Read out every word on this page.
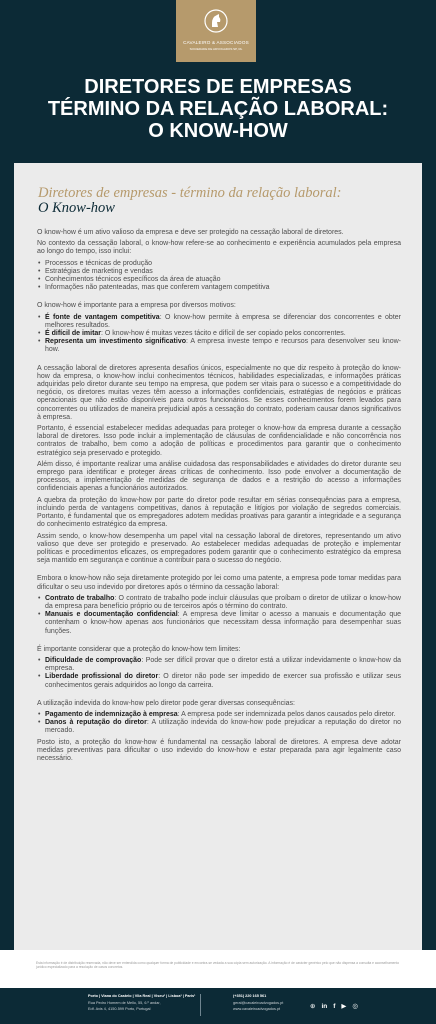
CAVALEIRO & ASSOCIADOS
SOCIEDADE DE ADVOGADOS SP, RL
DIRETORES DE EMPRESAS
TÉRMINO DA RELAÇÃO LABORAL:
O KNOW-HOW
Diretores de empresas - término da relação laboral:
O Know-how

O know-how é um ativo valioso da empresa e deve ser protegido na cessação laboral de diretores.

No contexto da cessação laboral, o know-how refere-se ao conhecimento e experiência acumulados pela empresa ao longo do tempo, isso inclui:

• Processos e técnicas de produção
• Estratégias de marketing e vendas
• Conhecimentos técnicos específicos da área de atuação
• Informações não patenteadas, mas que conferem vantagem competitiva

O know-how é importante para a empresa por diversos motivos:

• É fonte de vantagem competitiva: O know-how permite à empresa se diferenciar dos concorrentes e obter melhores resultados.
• É difícil de imitar: O know-how é muitas vezes tácito e difícil de ser copiado pelos concorrentes.
• Representa um investimento significativo: A empresa investe tempo e recursos para desenvolver seu know-how.

A cessação laboral de diretores apresenta desafios únicos, especialmente no que diz respeito à proteção do know-how da empresa, o know-how inclui conhecimentos técnicos, habilidades especializadas, e informações práticas adquiridas pelo diretor durante seu tempo na empresa, que podem ser vitais para o sucesso e a competitividade do negócio, os diretores muitas vezes têm acesso a informações confidenciais, estratégias de negócios e práticas operacionais que não estão disponíveis para outros funcionários. Se esses conhecimentos forem levados para concorrentes ou utilizados de maneira prejudicial após a cessação do contrato, poderiam causar danos significativos à empresa.

Portanto, é essencial estabelecer medidas adequadas para proteger o know-how da empresa durante a cessação laboral de diretores. Isso pode incluir a implementação de cláusulas de confidencialidade e não concorrência nos contratos de trabalho, bem como a adoção de políticas e procedimentos para garantir que o conhecimento estratégico seja preservado e protegido.

Além disso, é importante realizar uma análise cuidadosa das responsabilidades e atividades do diretor durante seu emprego para identificar e proteger áreas críticas de conhecimento. Isso pode envolver a documentação de processos, a implementação de medidas de segurança de dados e a restrição do acesso a informações confidenciais apenas a funcionários autorizados.

A quebra da proteção do know-how por parte do diretor pode resultar em sérias consequências para a empresa, incluindo perda de vantagens competitivas, danos à reputação e litígios por violação de segredos comerciais. Portanto, é fundamental que os empregadores adotem medidas proativas para garantir a integridade e a segurança do conhecimento estratégico da empresa.

Assim sendo, o know-how desempenha um papel vital na cessação laboral de diretores, representando um ativo valioso que deve ser protegido e preservado. Ao estabelecer medidas adequadas de proteção e implementar políticas e procedimentos eficazes, os empregadores podem garantir que o conhecimento estratégico da empresa seja mantido em segurança e continue a contribuir para o sucesso do negócio.

Embora o know-how não seja diretamente protegido por lei como uma patente, a empresa pode tomar medidas para dificultar o seu uso indevido por diretores após o término da cessação laboral:

• Contrato de trabalho: O contrato de trabalho pode incluir cláusulas que proíbam o diretor de utilizar o know-how da empresa para benefício próprio ou de terceiros após o término do contrato.
• Manuais e documentação confidencial: A empresa deve limitar o acesso a manuais e documentação que contenham o know-how apenas aos funcionários que necessitam dessa informação para desempenhar suas funções.

É importante considerar que a proteção do know-how tem limites:

• Dificuldade de comprovação: Pode ser difícil provar que o diretor está a utilizar indevidamente o know-how da empresa.
• Liberdade profissional do diretor: O diretor não pode ser impedido de exercer sua profissão e utilizar seus conhecimentos gerais adquiridos ao longo da carreira.

A utilização indevida do know-how pelo diretor pode gerar diversas consequências:

• Pagamento de indemnização à empresa: A empresa pode ser indemnizada pelos danos causados pelo diretor.
• Danos à reputação do diretor: A utilização indevida do know-how pode prejudicar a reputação do diretor no mercado.

Posto isto, a proteção do know-how é fundamental na cessação laboral de diretores. A empresa deve adotar medidas preventivas para dificultar o uso indevido do know-how e estar preparada para agir legalmente caso necessário.

Esta informação é de distribuição reservada, não deve ser entendida como qualquer forma de publicidade e encontra-se vedada a sua cópia sem autorização. A informação é de carácter genérico pelo que não dispensa a consulta e aconselhamento jurídico especializado para a resolução de casos concretos.
Porto | Viana do Castelo | Vila Real | Viseu¹ | Lisboa¹ | Paris¹
Rua Pedro Homem de Mello, 55, 6.º andar,
Edf. Avis 4, 4150-599 Porto, Portugal
(+351) 220 165 561
geral@cavaleiroadvogados.pt
www.cavaleiroadvogados.pt	⊕ in f ▶ ◎
